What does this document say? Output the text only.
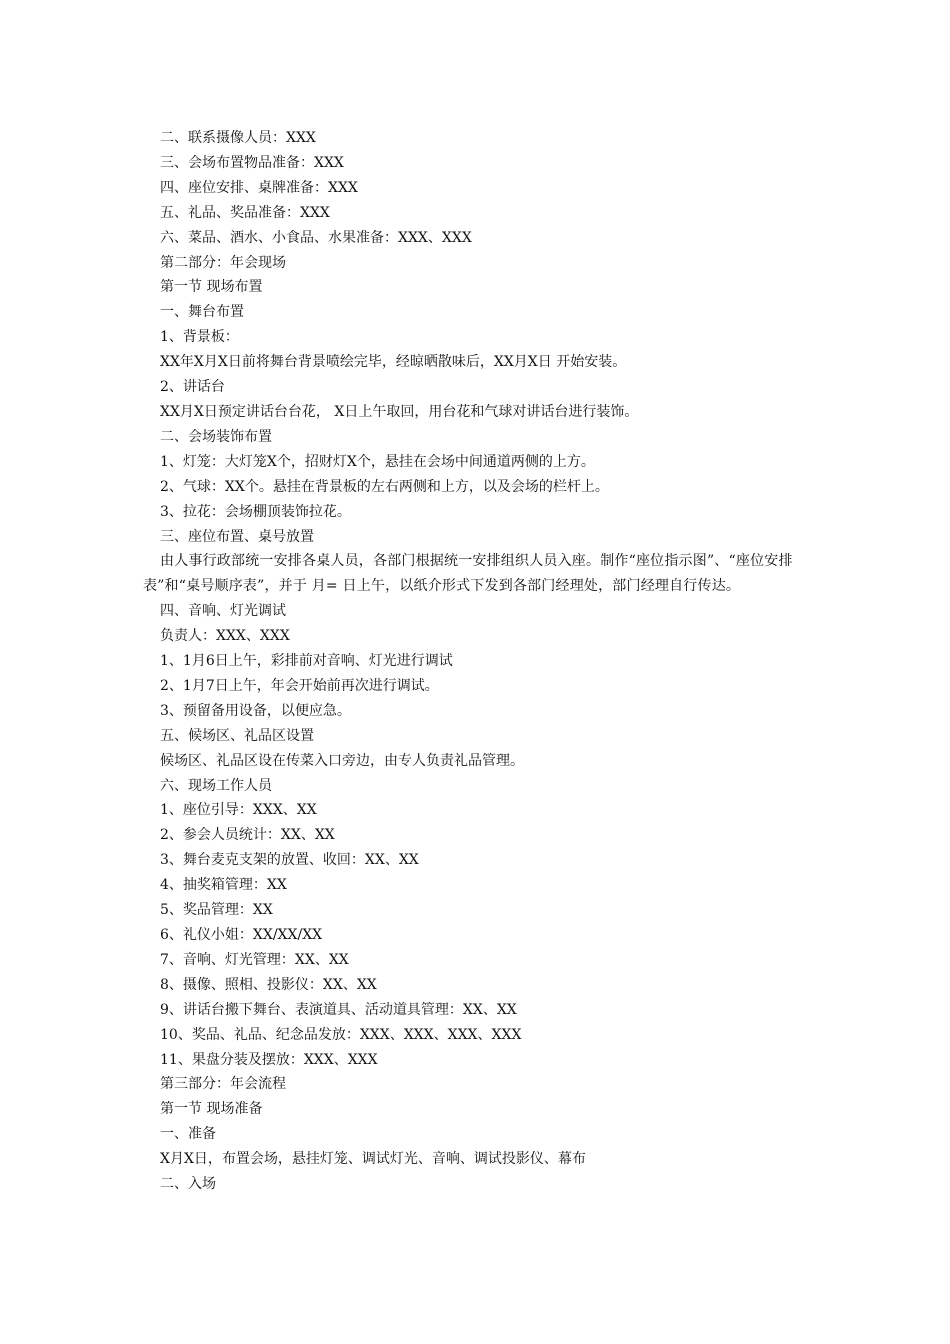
二、联系摄像人员：XXX

三、会场布置物品准备：XXX

四、座位安排、桌牌准备：XXX

五、礼品、奖品准备：XXX

六、菜品、酒水、小食品、水果准备：XXX、XXX

第二部分：年会现场

第一节 现场布置

一、舞台布置

1、背景板：

XX年X月X日前将舞台背景喷绘完毕，经晾晒散味后，XX月X日 开始安装。

2、讲话台

XX月X日预定讲话台台花， X日上午取回，用台花和气球对讲话台进行装饰。

二、会场装饰布置

1、灯笼：大灯笼X个，招财灯X个，悬挂在会场中间通道两侧的上方。

2、气球：XX个。悬挂在背景板的左右两侧和上方，以及会场的栏杆上。

3、拉花：会场棚顶装饰拉花。

三、座位布置、桌号放置

由人事行政部统一安排各桌人员，各部门根据统一安排组织人员入座。制作“座位指示图”、“座位安排表”和“桌号顺序表”，并于 月= 日上午，以纸介形式下发到各部门经理处，部门经理自行传达。

四、音响、灯光调试

负责人：XXX、XXX

1、1月6日上午，彩排前对音响、灯光进行调试

2、1月7日上午，年会开始前再次进行调试。

3、预留备用设备，以便应急。

五、候场区、礼品区设置

候场区、礼品区设在传菜入口旁边，由专人负责礼品管理。

六、现场工作人员

1、座位引导：XXX、XX

2、参会人员统计：XX、XX

3、舞台麦克支架的放置、收回：XX、XX

4、抽奖箱管理：XX

5、奖品管理：XX

6、礼仪小姐：XX/XX/XX

7、音响、灯光管理：XX、XX

8、摄像、照相、投影仪：XX、XX

9、讲话台搬下舞台、表演道具、活动道具管理：XX、XX

10、奖品、礼品、纪念品发放：XXX、XXX、XXX、XXX

11、果盘分装及摆放：XXX、XXX

第三部分：年会流程

第一节 现场准备

一、准备

X月X日，布置会场，悬挂灯笼、调试灯光、音响、调试投影仪、幕布

二、入场
